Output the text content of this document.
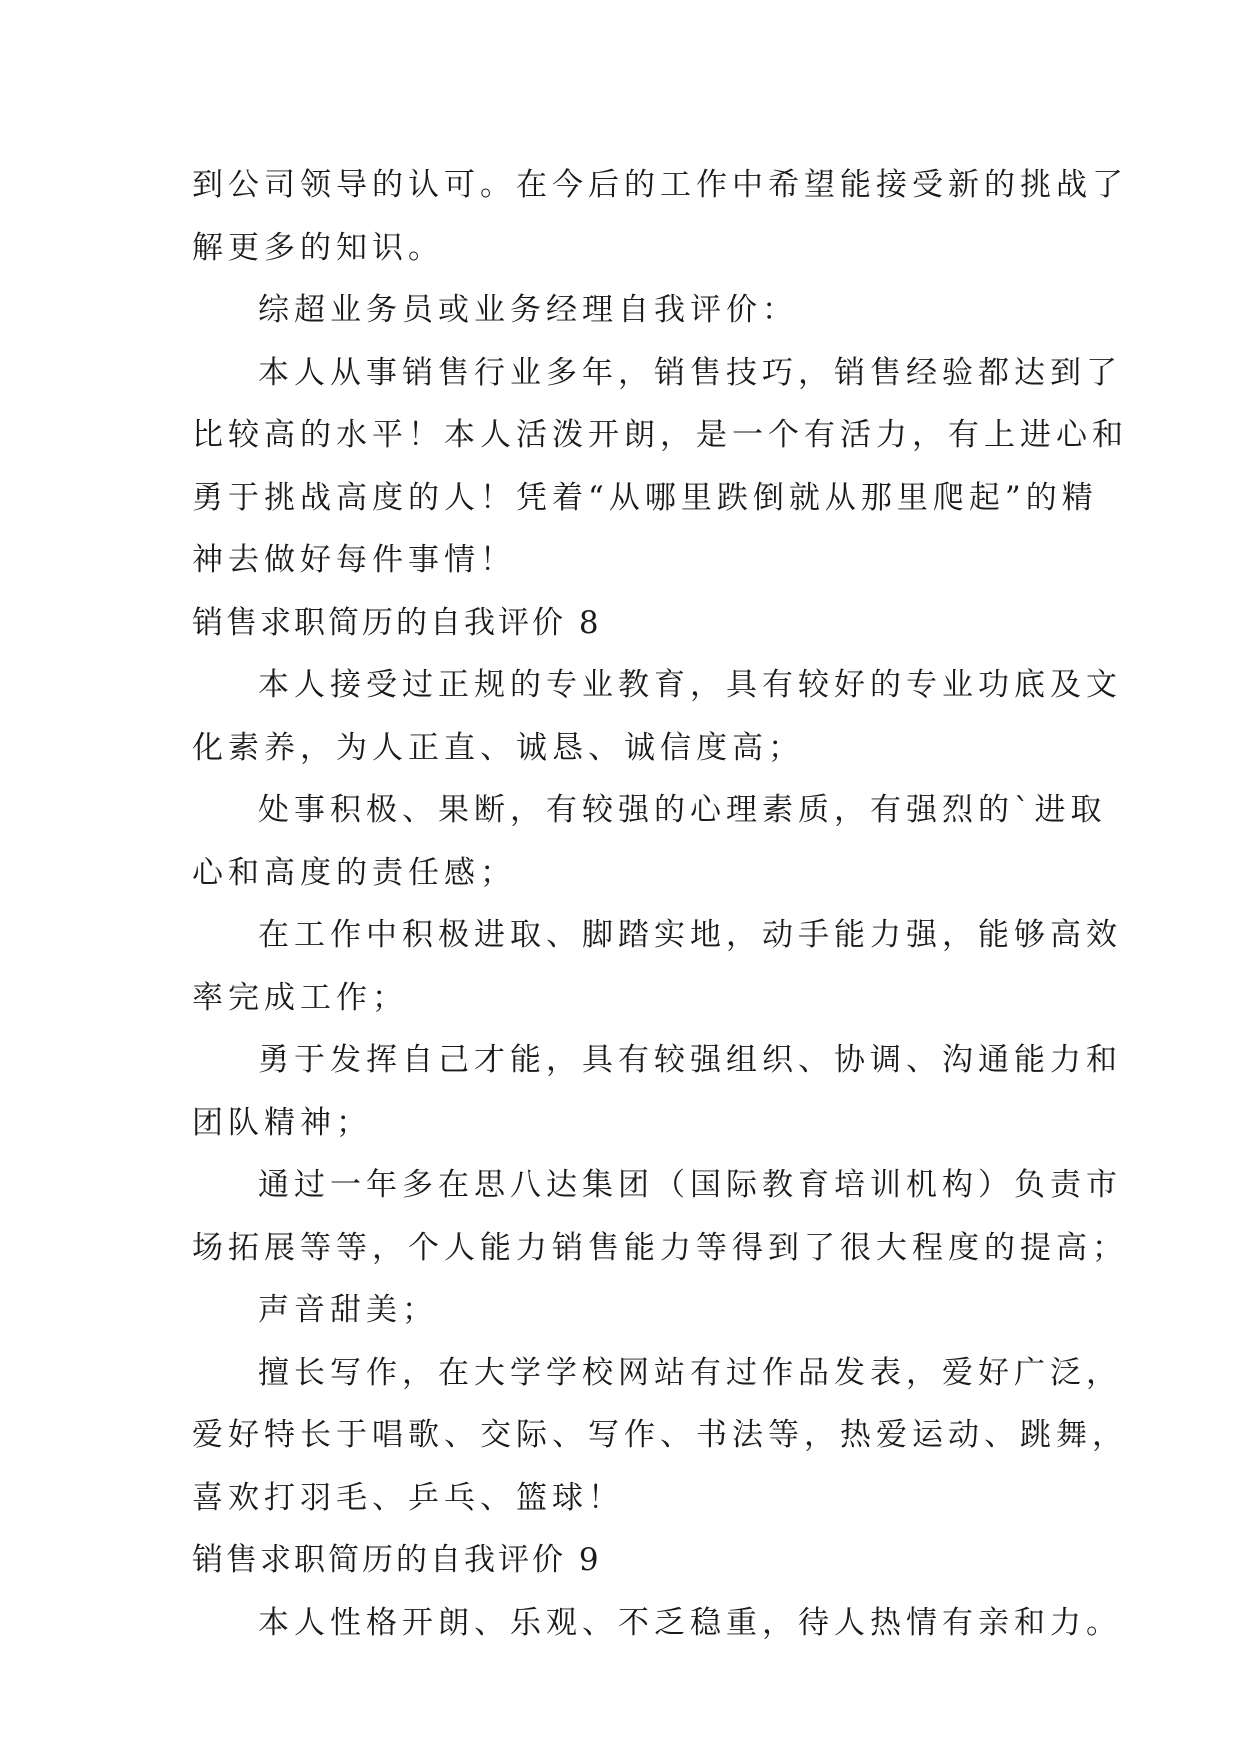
到公司领导的认可。在今后的工作中希望能接受新的挑战了
解更多的知识。
综超业务员或业务经理自我评价：
本人从事销售行业多年，销售技巧，销售经验都达到了
比较高的水平！本人活泼开朗，是一个有活力，有上进心和
勇于挑战高度的人！凭着“从哪里跌倒就从那里爬起”的精
神去做好每件事情！
销售求职简历的自我评价 8
本人接受过正规的专业教育，具有较好的专业功底及文
化素养，为人正直、诚恳、诚信度高；
处事积极、果断，有较强的心理素质，有强烈的`进取
心和高度的责任感；
在工作中积极进取、脚踏实地，动手能力强，能够高效
率完成工作；
勇于发挥自己才能，具有较强组织、协调、沟通能力和
团队精神；
通过一年多在思八达集团（国际教育培训机构）负责市
场拓展等等，个人能力销售能力等得到了很大程度的提高；
声音甜美；
擅长写作，在大学学校网站有过作品发表，爱好广泛，
爱好特长于唱歌、交际、写作、书法等，热爱运动、跳舞，
喜欢打羽毛、乒乓、篮球！
销售求职简历的自我评价 9
本人性格开朗、乐观、不乏稳重，待人热情有亲和力。
